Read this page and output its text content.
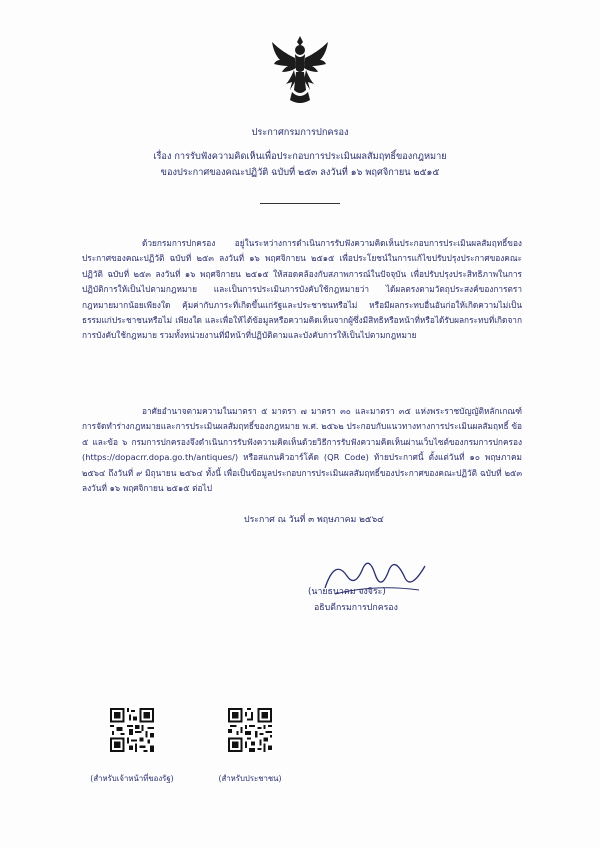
ประกาศกรมการปกครอง
เรื่อง การรับฟังความคิดเห็นเพื่อประกอบการประเมินผลสัมฤทธิ์ของกฎหมาย
ของประกาศของคณะปฏิวัติ ฉบับที่ ๒๕๓ ลงวันที่ ๑๖ พฤศจิกายน ๒๕๑๕
ด้วยกรมการปกครอง อยู่ในระหว่างการดำเนินการรับฟังความคิดเห็นประกอบการประเมินผลสัมฤทธิ์ของประกาศของคณะปฏิวัติ ฉบับที่ ๒๕๓ ลงวันที่ ๑๖ พฤศจิกายน ๒๕๑๕ เพื่อประโยชน์ในการแก้ไขปรับปรุงประกาศของคณะปฏิวัติ ฉบับที่ ๒๕๓ ลงวันที่ ๑๖ พฤศจิกายน ๒๕๑๕ ให้สอดคล้องกับสภาพการณ์ในปัจจุบัน เพื่อปรับปรุงประสิทธิภาพในการปฏิบัติการให้เป็นไปตามกฎหมาย และเป็นการประเมินการบังคับใช้กฎหมายว่า ได้ผลตรงตามวัตถุประสงค์ของการตรากฎหมายมากน้อยเพียงใด คุ้มค่ากับภาระที่เกิดขึ้นแก่รัฐและประชาชนหรือไม่ หรือมีผลกระทบอื่นอันก่อให้เกิดความไม่เป็นธรรมแก่ประชาชนหรือไม่ เพียงใด และเพื่อให้ได้ข้อมูลหรือความคิดเห็นจากผู้ซึ่งมีสิทธิหรือหน้าที่หรือได้รับผลกระทบที่เกิดจากการบังคับใช้กฎหมาย รวมทั้งหน่วยงานที่มีหน้าที่ปฏิบัติตามและบังคับการให้เป็นไปตามกฎหมาย
อาศัยอำนาจตามความในมาตรา ๕ มาตรา ๗ มาตรา ๓๐ และมาตรา ๓๕ แห่งพระราชบัญญัติหลักเกณฑ์การจัดทำร่างกฎหมายและการประเมินผลสัมฤทธิ์ของกฎหมาย พ.ศ. ๒๕๖๒ ประกอบกับแนวทางทางการประเมินผลสัมฤทธิ์ ข้อ ๕ และข้อ ๖ กรมการปกครองจึงดำเนินการรับฟังความคิดเห็นด้วยวิธีการรับฟังความคิดเห็นผ่านเว็บไซต์ของกรมการปกครอง (https://dopacrr.dopa.go.th/antiques/) หรือสแกนคิวอาร์โค้ด (QR Code) ท้ายประกาศนี้ ตั้งแต่วันที่ ๑๐ พฤษภาคม ๒๕๖๔ ถึงวันที่ ๙ มิถุนายน ๒๕๖๔ ทั้งนี้ เพื่อเป็นข้อมูลประกอบการประเมินผลสัมฤทธิ์ของประกาศของคณะปฏิวัติ ฉบับที่ ๒๕๓ ลงวันที่ ๑๖ พฤศจิกายน ๒๕๑๕ ต่อไป
ประกาศ ณ วันที่ ๓ พฤษภาคม ๒๕๖๔
(นายธนาคม จงจิระ)
อธิบดีกรมการปกครอง
(สำหรับเจ้าหน้าที่ของรัฐ)	(สำหรับประชาชน)
